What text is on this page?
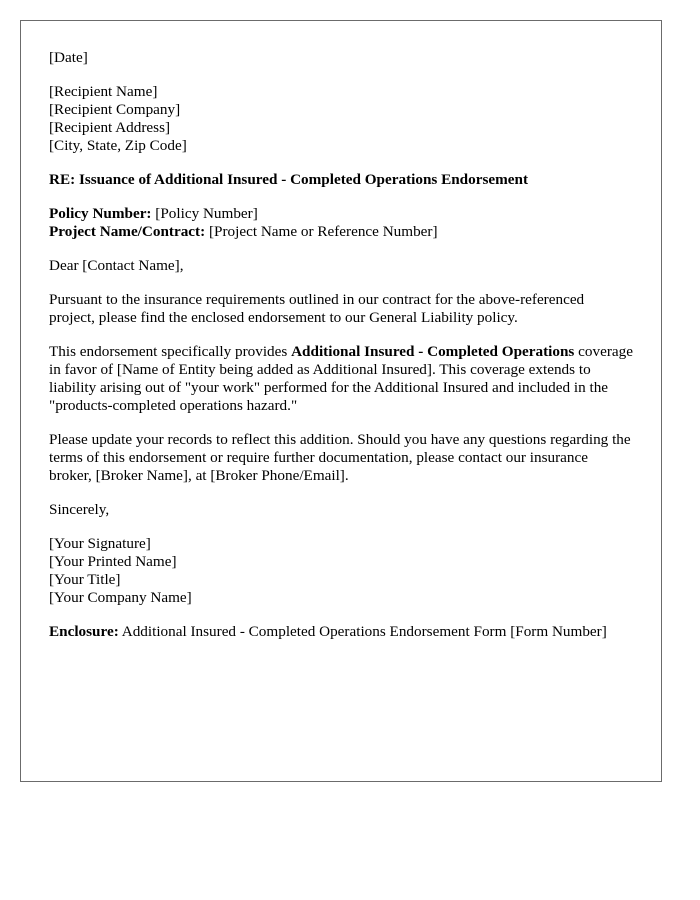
[Date]

[Recipient Name]
[Recipient Company]
[Recipient Address]
[City, State, Zip Code]

RE: Issuance of Additional Insured - Completed Operations Endorsement

Policy Number: [Policy Number]
Project Name/Contract: [Project Name or Reference Number]

Dear [Contact Name],

Pursuant to the insurance requirements outlined in our contract for the above-referenced project, please find the enclosed endorsement to our General Liability policy.

This endorsement specifically provides Additional Insured - Completed Operations coverage in favor of [Name of Entity being added as Additional Insured]. This coverage extends to liability arising out of "your work" performed for the Additional Insured and included in the "products-completed operations hazard."

Please update your records to reflect this addition. Should you have any questions regarding the terms of this endorsement or require further documentation, please contact our insurance broker, [Broker Name], at [Broker Phone/Email].

Sincerely,

[Your Signature]
[Your Printed Name]
[Your Title]
[Your Company Name]

Enclosure: Additional Insured - Completed Operations Endorsement Form [Form Number]
